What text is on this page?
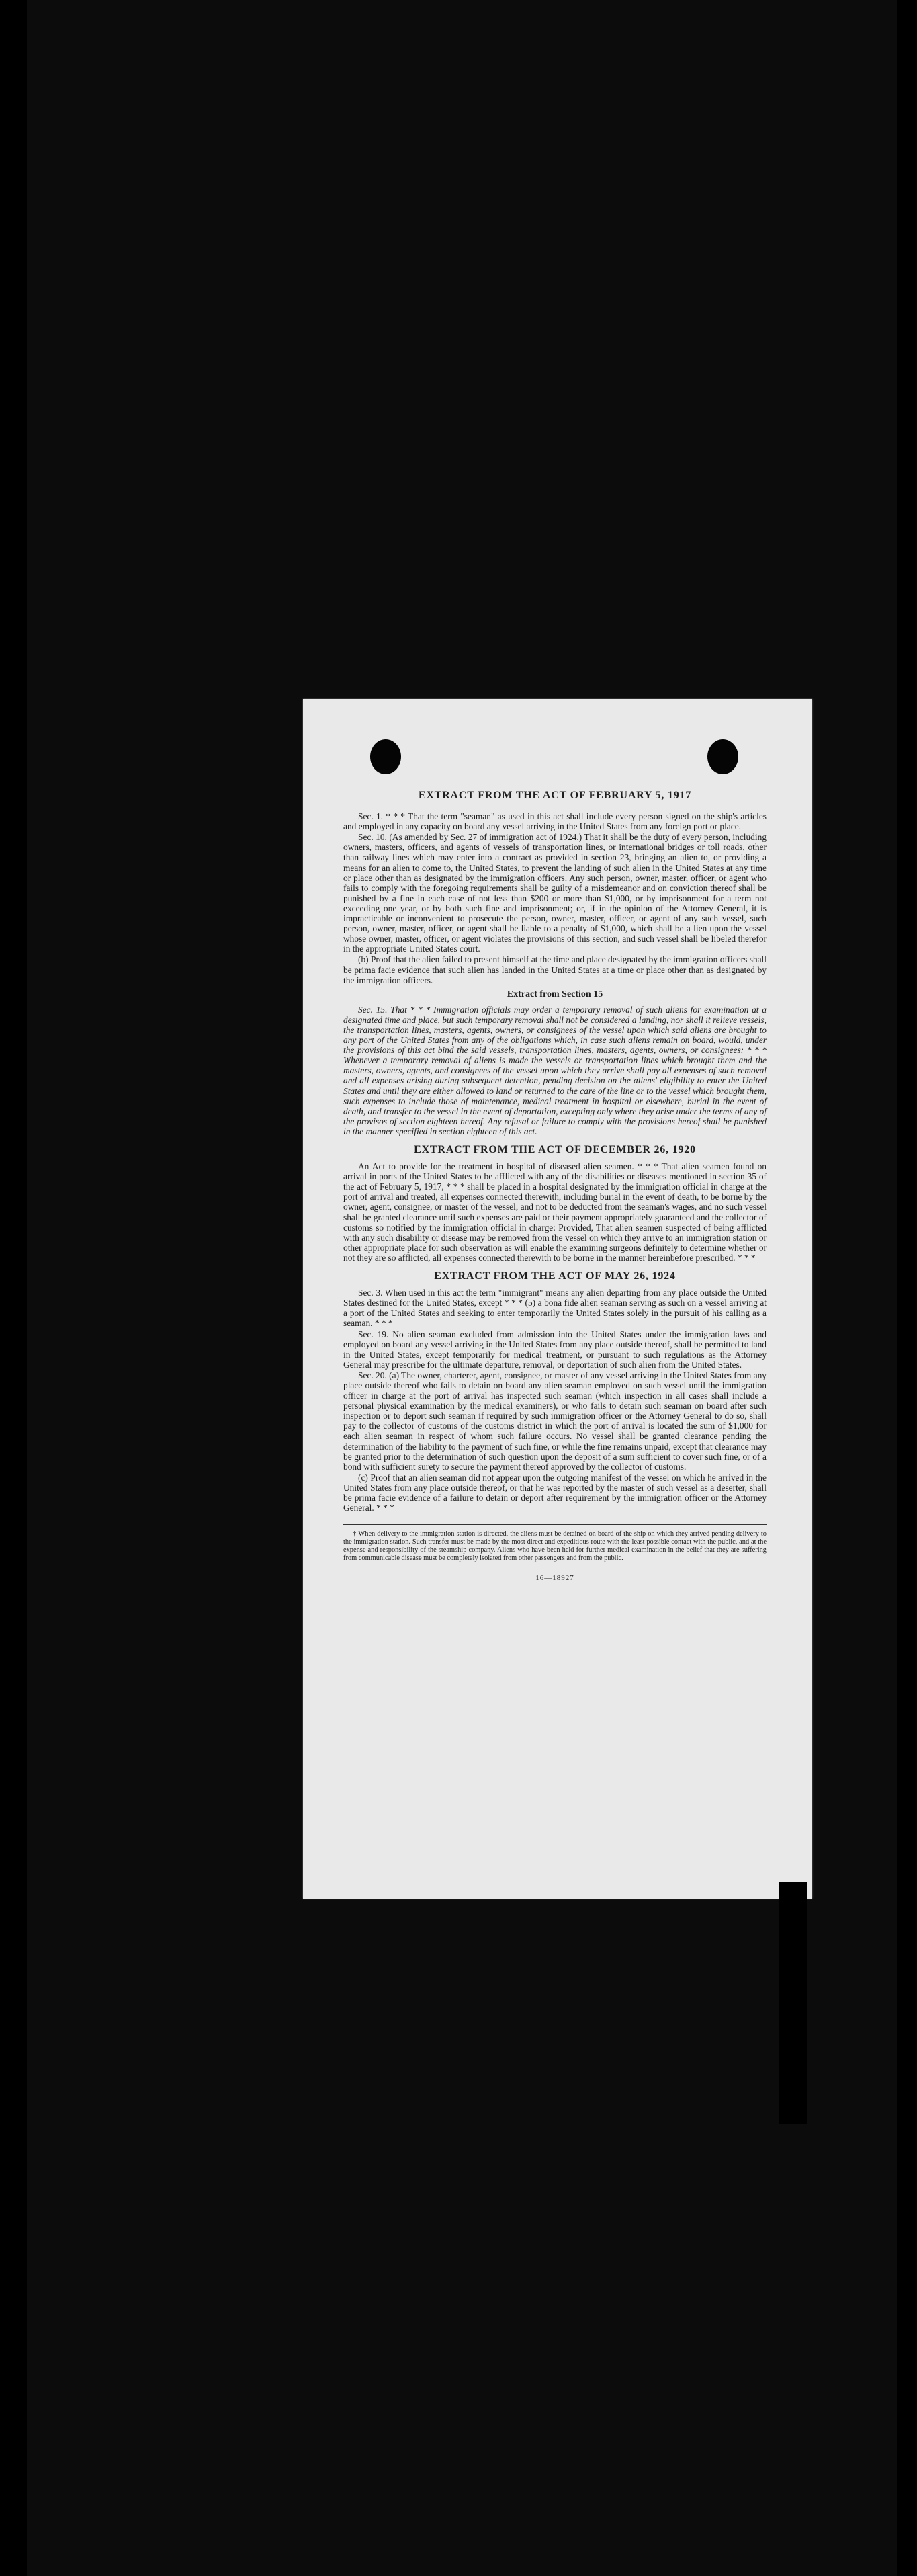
EXTRACT FROM THE ACT OF FEBRUARY 5, 1917

Sec. 1. * * * That the term "seaman" as used in this act shall include every person signed on the ship's articles and employed in any capacity on board any vessel arriving in the United States from any foreign port or place.

Sec. 10. (As amended by Sec. 27 of immigration act of 1924.) That it shall be the duty of every person, including owners, masters, officers, and agents of vessels of transportation lines, or international bridges or toll roads, other than railway lines which may enter into a contract as provided in section 23, bringing an alien to, or providing a means for an alien to come to, the United States, to prevent the landing of such alien in the United States at any time or place other than as designated by the immigration officers. Any such person, owner, master, officer, or agent who fails to comply with the foregoing requirements shall be guilty of a misdemeanor and on conviction thereof shall be punished by a fine in each case of not less than $200 or more than $1,000, or by imprisonment for a term not exceeding one year, or by both such fine and imprisonment; or, if in the opinion of the Attorney General, it is impracticable or inconvenient to prosecute the person, owner, master, officer, or agent of any such vessel, such person, owner, master, officer, or agent shall be liable to a penalty of $1,000, which shall be a lien upon the vessel whose owner, master, officer, or agent violates the provisions of this section, and such vessel shall be libeled therefor in the appropriate United States court.

(b) Proof that the alien failed to present himself at the time and place designated by the immigration officers shall be prima facie evidence that such alien has landed in the United States at a time or place other than as designated by the immigration officers.

Extract from Section 15

Sec. 15. That * * * Immigration officials may order a temporary removal of such aliens for examination at a designated time and place, but such temporary removal shall not be considered a landing, nor shall it relieve vessels, the transportation lines, masters, agents, owners, or consignees of the vessel upon which said aliens are brought to any port of the United States from any of the obligations which, in case such aliens remain on board, would, under the provisions of this act bind the said vessels, transportation lines, masters, agents, owners, or consignees: * * * Whenever a temporary removal of aliens is made the vessels or transportation lines which brought them and the masters, owners, agents, and consignees of the vessel upon which they arrive shall pay all expenses of such removal and all expenses arising during subsequent detention, pending decision on the aliens' eligibility to enter the United States and until they are either allowed to land or returned to the care of the line or to the vessel which brought them, such expenses to include those of maintenance, medical treatment in hospital or elsewhere, burial in the event of death, and transfer to the vessel in the event of deportation, excepting only where they arise under the terms of any of the provisos of section eighteen hereof. Any refusal or failure to comply with the provisions hereof shall be punished in the manner specified in section eighteen of this act.

EXTRACT FROM THE ACT OF DECEMBER 26, 1920

An Act to provide for the treatment in hospital of diseased alien seamen. * * * That alien seamen found on arrival in ports of the United States to be afflicted with any of the disabilities or diseases mentioned in section 35 of the act of February 5, 1917, * * * shall be placed in a hospital designated by the immigration official in charge at the port of arrival and treated, all expenses connected therewith, including burial in the event of death, to be borne by the owner, agent, consignee, or master of the vessel, and not to be deducted from the seaman's wages, and no such vessel shall be granted clearance until such expenses are paid or their payment appropriately guaranteed and the collector of customs so notified by the immigration official in charge: Provided, That alien seamen suspected of being afflicted with any such disability or disease may be removed from the vessel on which they arrive to an immigration station or other appropriate place for such observation as will enable the examining surgeons definitely to determine whether or not they are so afflicted, all expenses connected therewith to be borne in the manner hereinbefore prescribed. * * *

EXTRACT FROM THE ACT OF MAY 26, 1924

Sec. 3. When used in this act the term "immigrant" means any alien departing from any place outside the United States destined for the United States, except * * * (5) a bona fide alien seaman serving as such on a vessel arriving at a port of the United States and seeking to enter temporarily the United States solely in the pursuit of his calling as a seaman. * * *

Sec. 19. No alien seaman excluded from admission into the United States under the immigration laws and employed on board any vessel arriving in the United States from any place outside thereof, shall be permitted to land in the United States, except temporarily for medical treatment, or pursuant to such regulations as the Attorney General may prescribe for the ultimate departure, removal, or deportation of such alien from the United States.

Sec. 20. (a) The owner, charterer, agent, consignee, or master of any vessel arriving in the United States from any place outside thereof who fails to detain on board any alien seaman employed on such vessel until the immigration officer in charge at the port of arrival has inspected such seaman (which inspection in all cases shall include a personal physical examination by the medical examiners), or who fails to detain such seaman on board after such inspection or to deport such seaman if required by such immigration officer or the Attorney General to do so, shall pay to the collector of customs of the customs district in which the port of arrival is located the sum of $1,000 for each alien seaman in respect of whom such failure occurs. No vessel shall be granted clearance pending the determination of the liability to the payment of such fine, or while the fine remains unpaid, except that clearance may be granted prior to the determination of such question upon the deposit of a sum sufficient to cover such fine, or of a bond with sufficient surety to secure the payment thereof approved by the collector of customs.

(c) Proof that an alien seaman did not appear upon the outgoing manifest of the vessel on which he arrived in the United States from any place outside thereof, or that he was reported by the master of such vessel as a deserter, shall be prima facie evidence of a failure to detain or deport after requirement by the immigration officer or the Attorney General. * * *

† When delivery to the immigration station is directed, the aliens must be detained on board of the ship on which they arrived pending delivery to the immigration station. Such transfer must be made by the most direct and expeditious route with the least possible contact with the public, and at the expense and responsibility of the steamship company. Aliens who have been held for further medical examination in the belief that they are suffering from communicable disease must be completely isolated from other passengers and from the public.

16—18927
